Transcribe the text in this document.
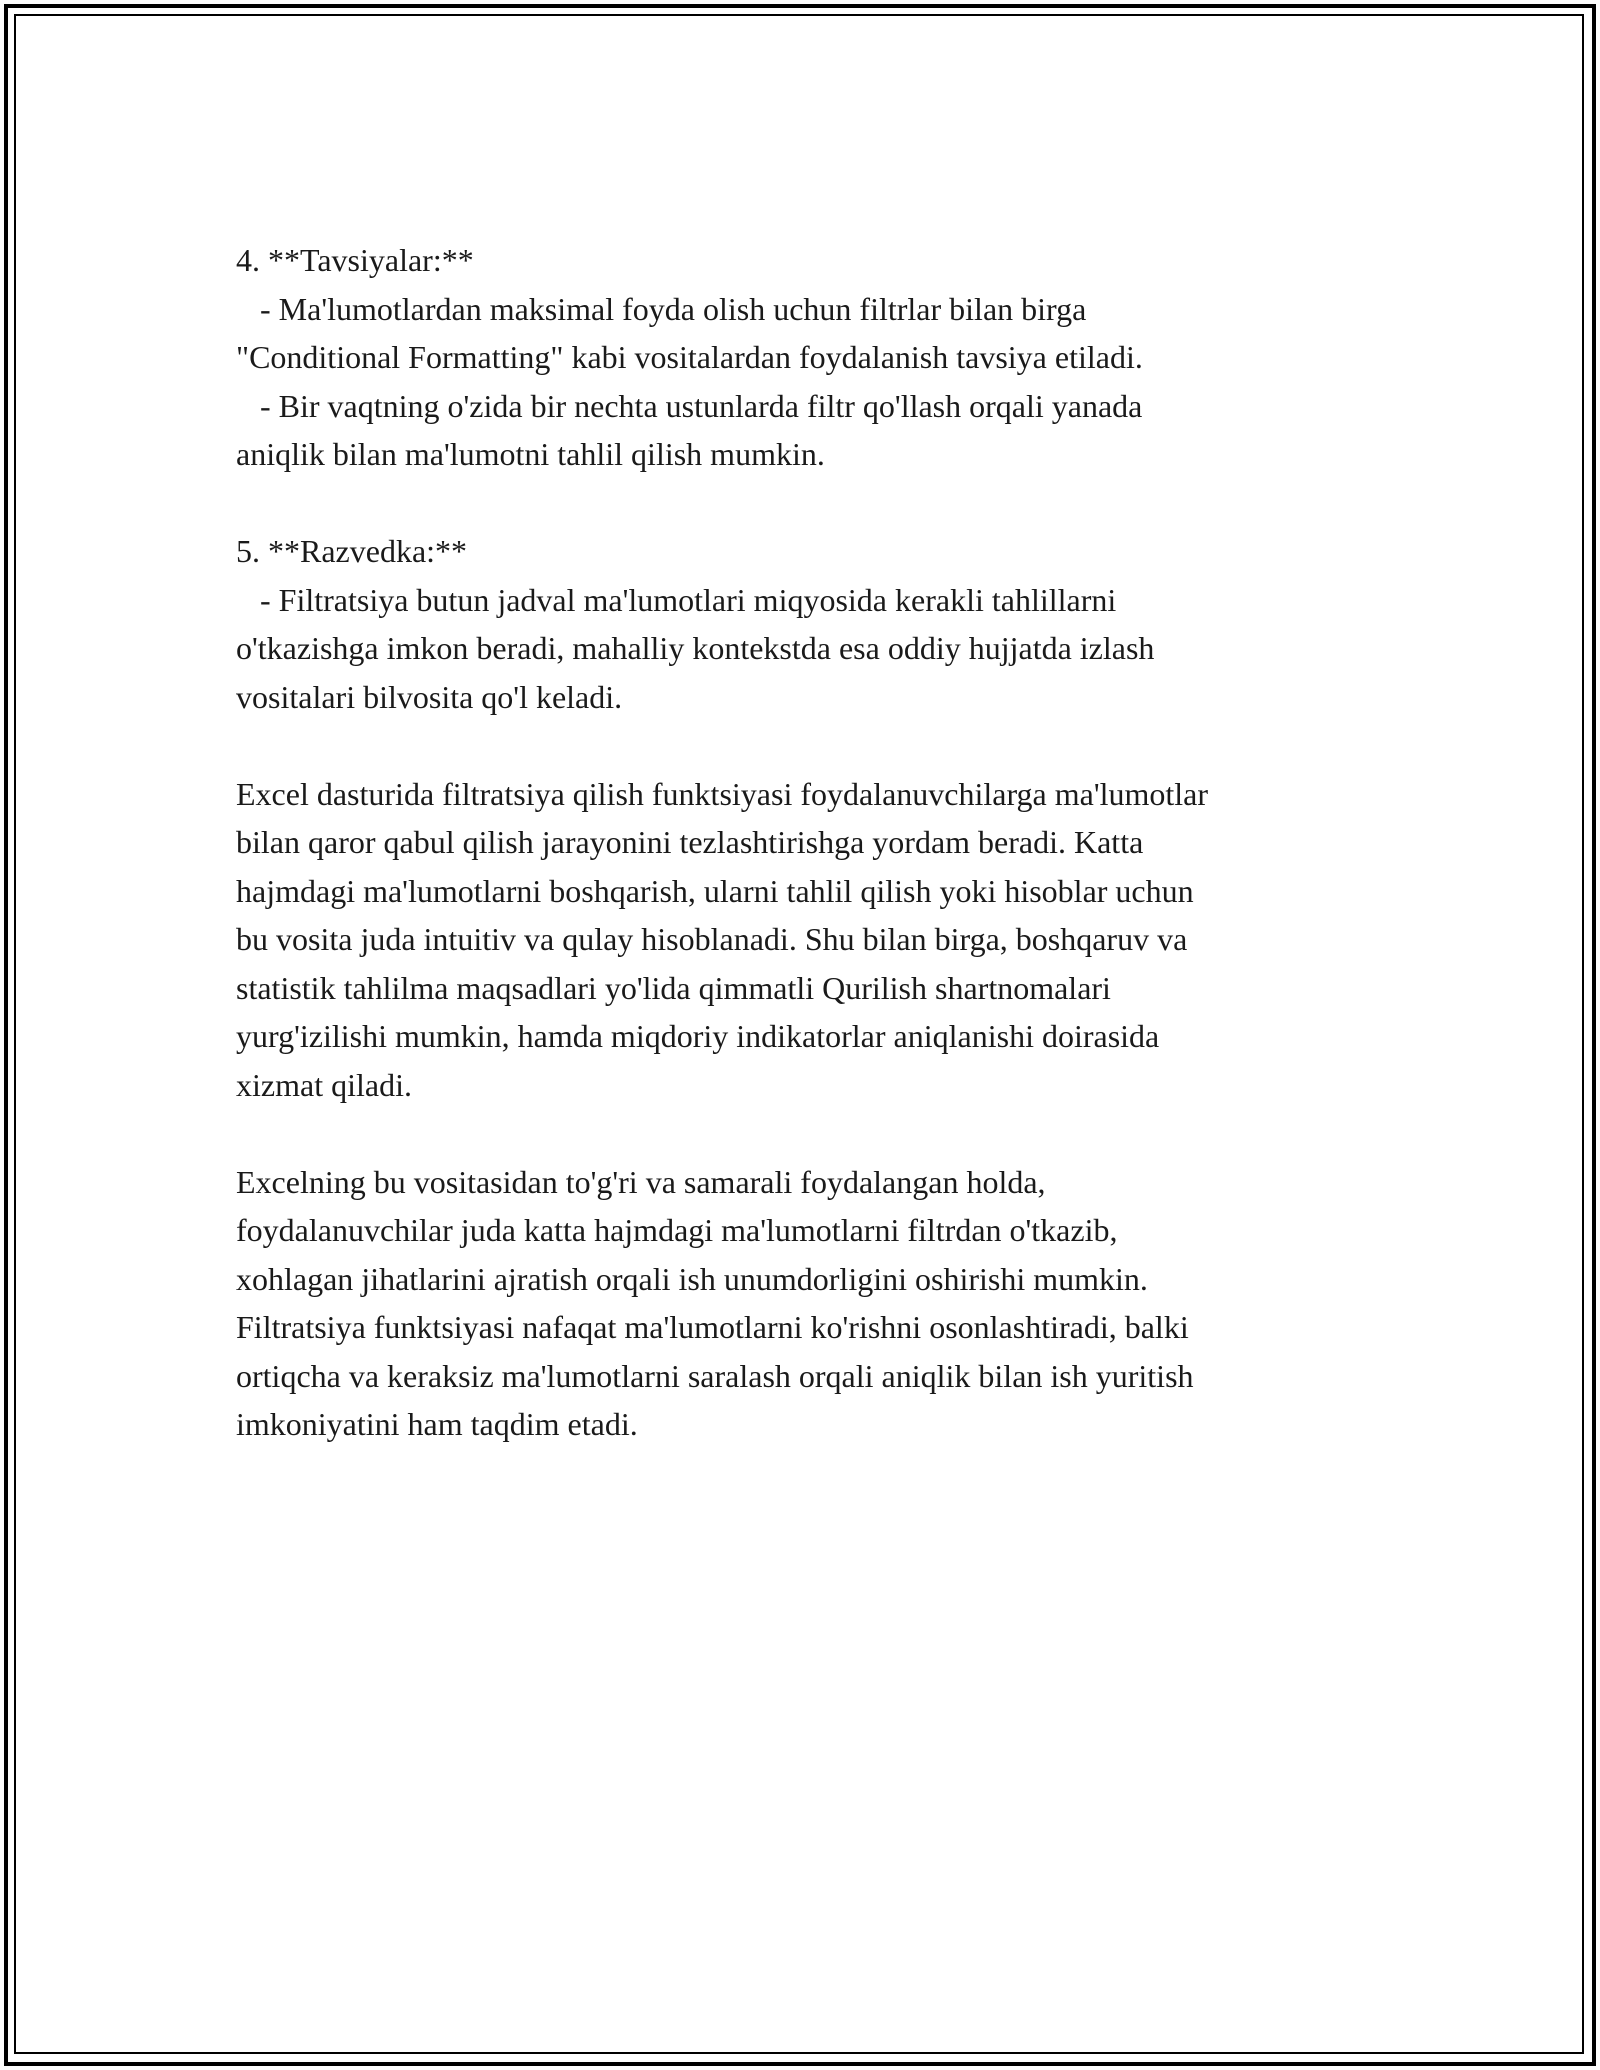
4. **Tavsiyalar:**
- Ma'lumotlardan maksimal foyda olish uchun filtrlar bilan birga
"Conditional Formatting" kabi vositalardan foydalanish tavsiya etiladi.
- Bir vaqtning o'zida bir nechta ustunlarda filtr qo'llash orqali yanada
aniqlik bilan ma'lumotni tahlil qilish mumkin.
5. **Razvedka:**
- Filtratsiya butun jadval ma'lumotlari miqyosida kerakli tahlillarni
o'tkazishga imkon beradi, mahalliy kontekstda esa oddiy hujjatda izlash
vositalari bilvosita qo'l keladi.
Excel dasturida filtratsiya qilish funktsiyasi foydalanuvchilarga ma'lumotlar
bilan qaror qabul qilish jarayonini tezlashtirishga yordam beradi. Katta
hajmdagi ma'lumotlarni boshqarish, ularni tahlil qilish yoki hisoblar uchun
bu vosita juda intuitiv va qulay hisoblanadi. Shu bilan birga, boshqaruv va
statistik tahlilma maqsadlari yo'lida qimmatli Qurilish shartnomalari
yurg'izilishi mumkin, hamda miqdoriy indikatorlar aniqlanishi doirasida
xizmat qiladi.
Excelning bu vositasidan to'g'ri va samarali foydalangan holda,
foydalanuvchilar juda katta hajmdagi ma'lumotlarni filtrdan o'tkazib,
xohlagan jihatlarini ajratish orqali ish unumdorligini oshirishi mumkin.
Filtratsiya funktsiyasi nafaqat ma'lumotlarni ko'rishni osonlashtiradi, balki
ortiqcha va keraksiz ma'lumotlarni saralash orqali aniqlik bilan ish yuritish
imkoniyatini ham taqdim etadi.
